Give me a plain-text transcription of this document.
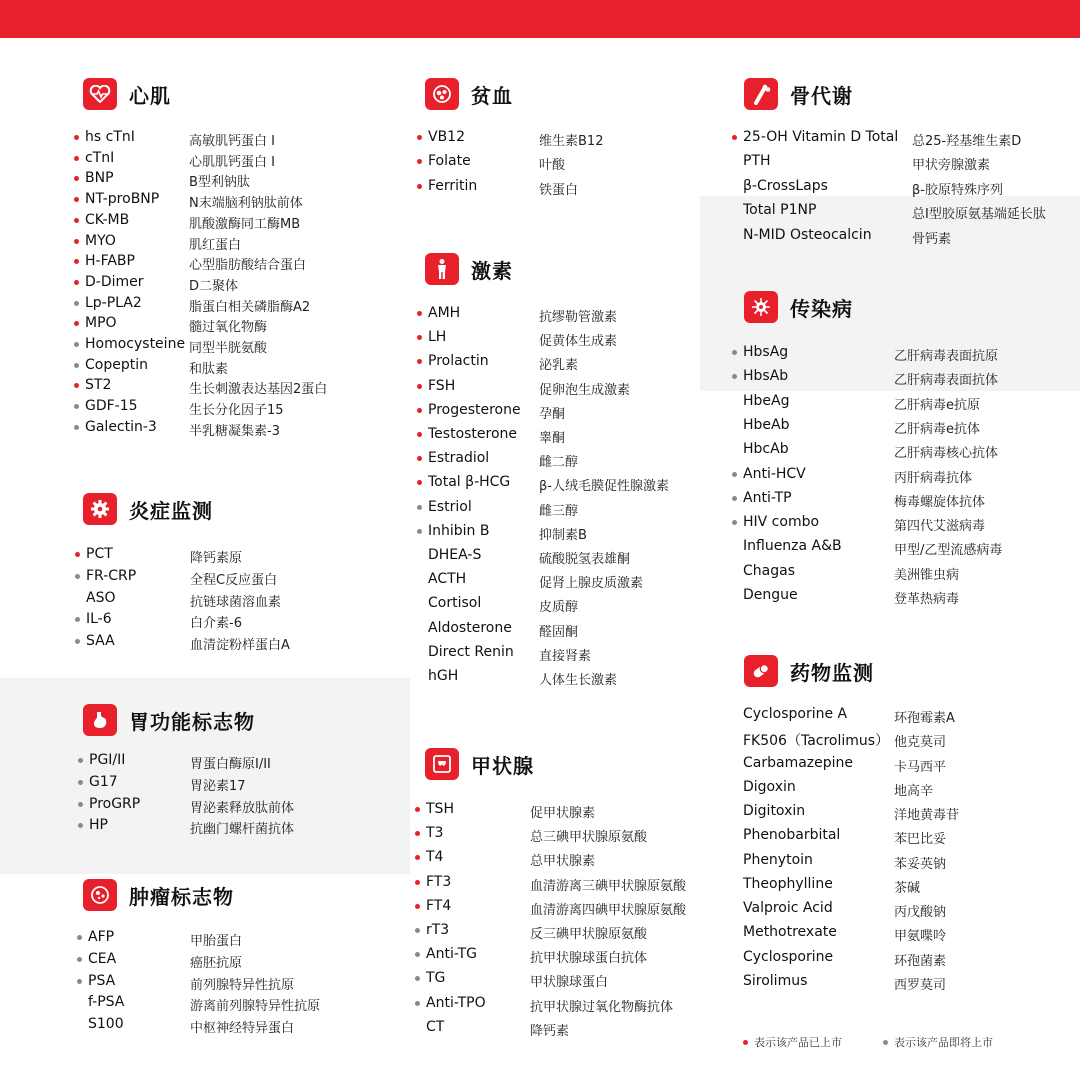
心肌
hs cTnI	高敏肌钙蛋白 I
cTnI	心肌肌钙蛋白 I
BNP	B型利钠肽
NT-proBNP N末端脑利钠肽前体
CK-MB	肌酸激酶同工酶MB
MYO	肌红蛋白
H-FABP	心型脂肪酸结合蛋白
D-Dimer	D二聚体
Lp-PLA2	脂蛋白相关磷脂酶A2
MPO	髓过氧化物酶
Homocysteine 同型半胱氨酸
Copeptin	和肽素
ST2	生长刺激表达基因2蛋白
GDF-15	生长分化因子15
Galectin-3 半乳糖凝集素-3
炎症监测
PCT	降钙素原
FR-CRP	全程C反应蛋白
ASO	抗链球菌溶血素
IL-6	白介素-6
SAA	血清淀粉样蛋白A
胃功能标志物
PGI/II	胃蛋白酶原I/II
G17	胃泌素17
ProGRP	胃泌素释放肽前体
HP	抗幽门螺杆菌抗体
肿瘤标志物
AFP	甲胎蛋白
CEA	癌胚抗原
PSA	前列腺特异性抗原
f-PSA	游离前列腺特异性抗原
S100	中枢神经特异蛋白
贫血
VB12	维生素B12
Folate	叶酸
Ferritin	铁蛋白
激素
AMH	抗缪勒管激素
LH	促黄体生成素
Prolactin	泌乳素
FSH	促卵泡生成激素
Progesterone 孕酮
Testosterone 睾酮
Estradiol	雌二醇
Total β-HCG β-人绒毛膜促性腺激素
Estriol	雌三醇
Inhibin B	抑制素B
DHEA-S	硫酸脱氢表雄酮
ACTH	促肾上腺皮质激素
Cortisol	皮质醇
Aldosterone 醛固酮
Direct Renin 直接肾素
hGH	人体生长激素
甲状腺
TSH	促甲状腺素
T3	总三碘甲状腺原氨酸
T4	总甲状腺素
FT3	血清游离三碘甲状腺原氨酸
FT4	血清游离四碘甲状腺原氨酸
rT3	反三碘甲状腺原氨酸
Anti-TG	抗甲状腺球蛋白抗体
TG	甲状腺球蛋白
Anti-TPO	抗甲状腺过氧化物酶抗体
CT	降钙素
骨代谢
25-OH Vitamin D Total 总25-羟基维生素D
PTH	甲状旁腺激素
β-CrossLaps	β-胶原特殊序列
Total P1NP	总I型胶原氨基端延长肽
N-MID Osteocalcin	骨钙素
传染病
HbsAg	乙肝病毒表面抗原
HbsAb	乙肝病毒表面抗体
HbeAg	乙肝病毒e抗原
HbeAb	乙肝病毒e抗体
HbcAb	乙肝病毒核心抗体
Anti-HCV	丙肝病毒抗体
Anti-TP	梅毒螺旋体抗体
HIV combo	第四代艾滋病毒
Influenza A&B	甲型/乙型流感病毒
Chagas	美洲锥虫病
Dengue	登革热病毒
药物监测
Cyclosporine A	环孢霉素A
FK506（Tacrolimus） 他克莫司
Carbamazepine	卡马西平
Digoxin	地高辛
Digitoxin	洋地黄毒苷
Phenobarbital	苯巴比妥
Phenytoin	苯妥英钠
Theophylline	茶碱
Valproic Acid	丙戊酸钠
Methotrexate	甲氨喋呤
Cyclosporine	环孢菌素
Sirolimus	西罗莫司
表示该产品已上市	表示该产品即将上市
